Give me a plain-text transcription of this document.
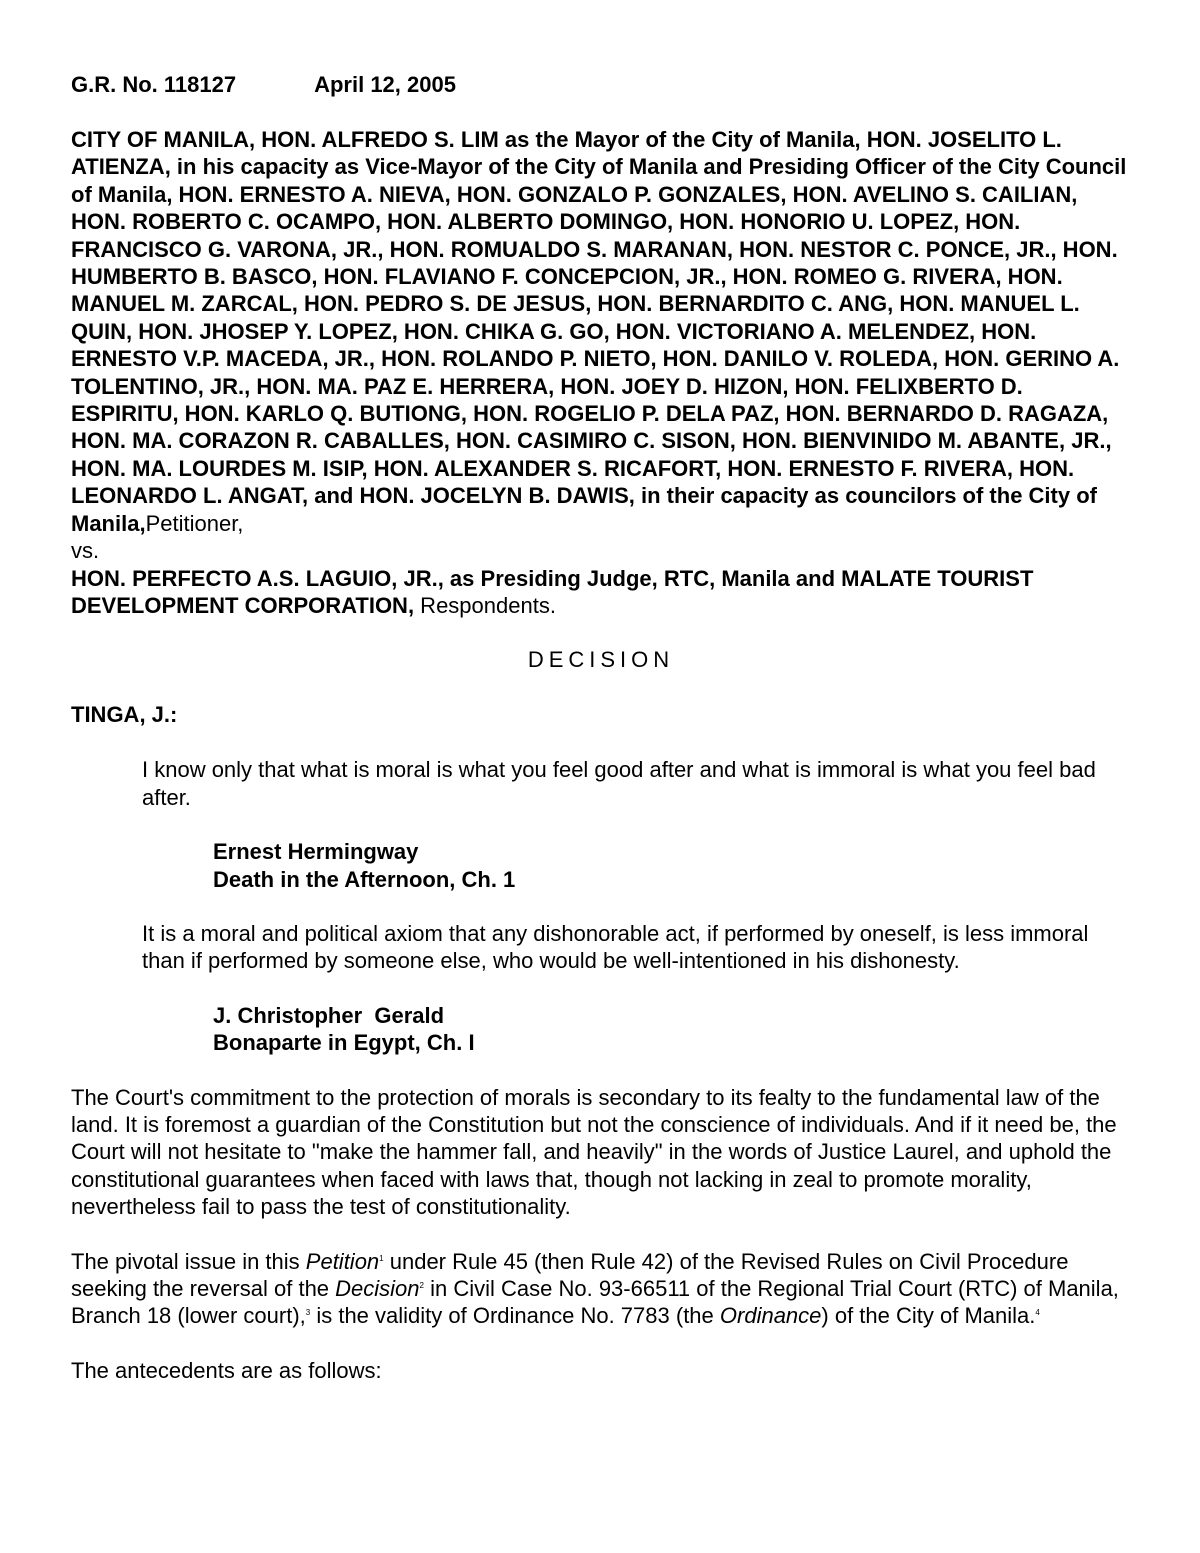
G.R. No. 118127	April 12, 2005
CITY OF MANILA, HON. ALFREDO S. LIM as the Mayor of the City of Manila, HON. JOSELITO L. ATIENZA, in his capacity as Vice-Mayor of the City of Manila and Presiding Officer of the City Council of Manila, HON. ERNESTO A. NIEVA, HON. GONZALO P. GONZALES, HON. AVELINO S. CAILIAN, HON. ROBERTO C. OCAMPO, HON. ALBERTO DOMINGO, HON. HONORIO U. LOPEZ, HON. FRANCISCO G. VARONA, JR., HON. ROMUALDO S. MARANAN, HON. NESTOR C. PONCE, JR., HON. HUMBERTO B. BASCO, HON. FLAVIANO F. CONCEPCION, JR., HON. ROMEO G. RIVERA, HON. MANUEL M. ZARCAL, HON. PEDRO S. DE JESUS, HON. BERNARDITO C. ANG, HON. MANUEL L. QUIN, HON. JHOSEP Y. LOPEZ, HON. CHIKA G. GO, HON. VICTORIANO A. MELENDEZ, HON. ERNESTO V.P. MACEDA, JR., HON. ROLANDO P. NIETO, HON. DANILO V. ROLEDA, HON. GERINO A. TOLENTINO, JR., HON. MA. PAZ E. HERRERA, HON. JOEY D. HIZON, HON. FELIXBERTO D. ESPIRITU, HON. KARLO Q. BUTIONG, HON. ROGELIO P. DELA PAZ, HON. BERNARDO D. RAGAZA, HON. MA. CORAZON R. CABALLES, HON. CASIMIRO C. SISON, HON. BIENVINIDO M. ABANTE, JR., HON. MA. LOURDES M. ISIP, HON. ALEXANDER S. RICAFORT, HON. ERNESTO F. RIVERA, HON. LEONARDO L. ANGAT, and HON. JOCELYN B. DAWIS, in their capacity as councilors of the City of Manila,Petitioner,
vs.
HON. PERFECTO A.S. LAGUIO, JR., as Presiding Judge, RTC, Manila and MALATE TOURIST DEVELOPMENT CORPORATION, Respondents.
DECISION
TINGA, J.:
I know only that what is moral is what you feel good after and what is immoral is what you feel bad after.
Ernest Hermingway
Death in the Afternoon, Ch. 1
It is a moral and political axiom that any dishonorable act, if performed by oneself, is less immoral than if performed by someone else, who would be well-intentioned in his dishonesty.
J. Christopher  Gerald
Bonaparte in Egypt, Ch. I
The Court's commitment to the protection of morals is secondary to its fealty to the fundamental law of the land. It is foremost a guardian of the Constitution but not the conscience of individuals. And if it need be, the Court will not hesitate to "make the hammer fall, and heavily" in the words of Justice Laurel, and uphold the constitutional guarantees when faced with laws that, though not lacking in zeal to promote morality, nevertheless fail to pass the test of constitutionality.
The pivotal issue in this Petition$^1$ under Rule 45 (then Rule 42) of the Revised Rules on Civil Procedure seeking the reversal of the Decision$^2$ in Civil Case No. 93-66511 of the Regional Trial Court (RTC) of Manila, Branch 18 (lower court),$^3$ is the validity of Ordinance No. 7783 (the Ordinance) of the City of Manila.$^4$
The antecedents are as follows:
